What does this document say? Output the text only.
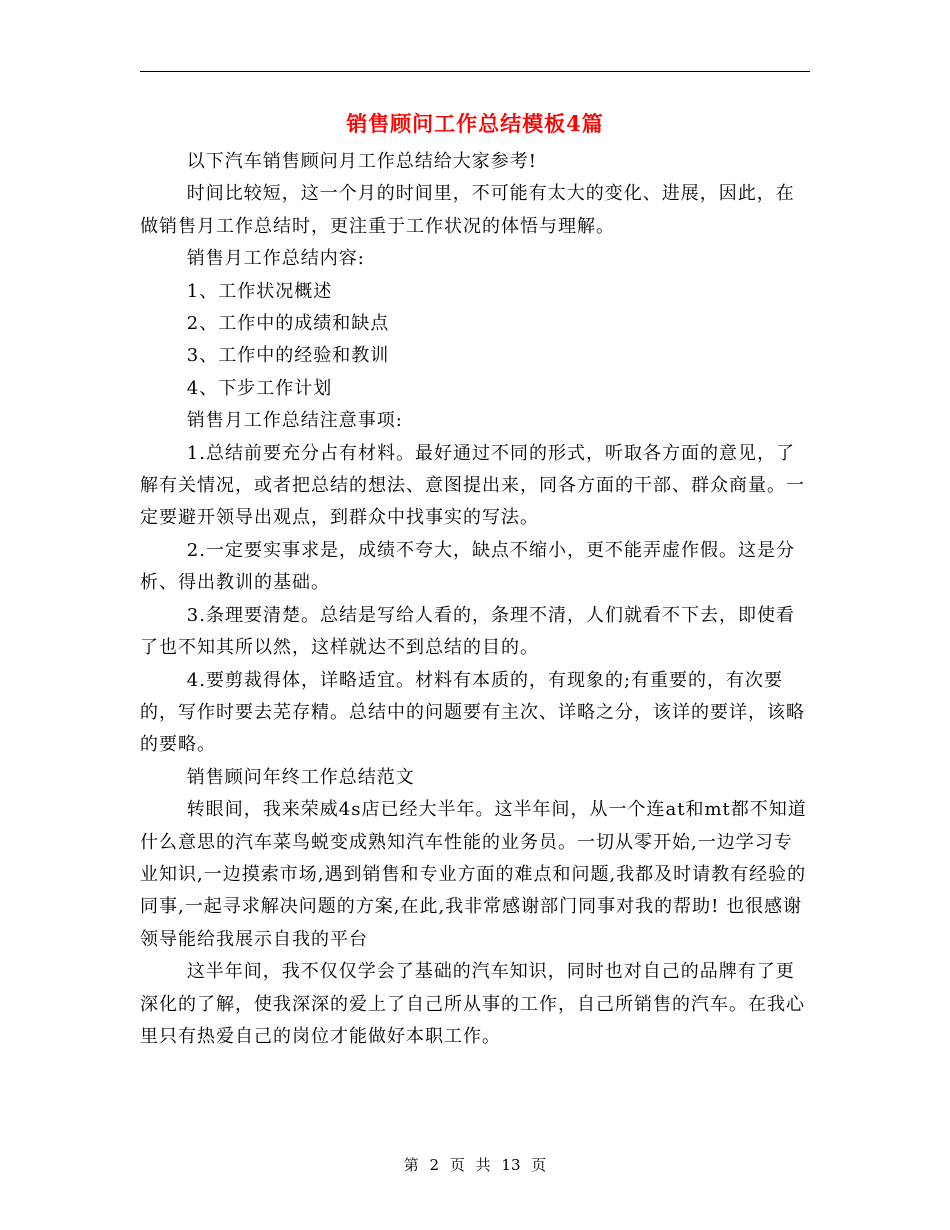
销售顾问工作总结模板4篇

以下汽车销售顾问月工作总结给大家参考!

时间比较短，这一个月的时间里，不可能有太大的变化、进展，因此，在做销售月工作总结时，更注重于工作状况的体悟与理解。

销售月工作总结内容:

1、工作状况概述

2、工作中的成绩和缺点

3、工作中的经验和教训

4、下步工作计划

销售月工作总结注意事项:

1.总结前要充分占有材料。最好通过不同的形式，听取各方面的意见，了解有关情况，或者把总结的想法、意图提出来，同各方面的干部、群众商量。一定要避开领导出观点，到群众中找事实的写法。

2.一定要实事求是，成绩不夸大，缺点不缩小，更不能弄虚作假。这是分析、得出教训的基础。

3.条理要清楚。总结是写给人看的，条理不清，人们就看不下去，即使看了也不知其所以然，这样就达不到总结的目的。

4.要剪裁得体，详略适宜。材料有本质的，有现象的;有重要的，有次要的，写作时要去芜存精。总结中的问题要有主次、详略之分，该详的要详，该略的要略。

销售顾问年终工作总结范文

转眼间，我来荣威4s店已经大半年。这半年间，从一个连at和mt都不知道什么意思的汽车菜鸟蜕变成熟知汽车性能的业务员。一切从零开始,一边学习专业知识,一边摸索市场,遇到销售和专业方面的难点和问题,我都及时请教有经验的同事,一起寻求解决问题的方案,在此,我非常感谢部门同事对我的帮助! 也很感谢领导能给我展示自我的平台

这半年间，我不仅仅学会了基础的汽车知识，同时也对自己的品牌有了更深化的了解，使我深深的爱上了自己所从事的工作，自己所销售的汽车。在我心里只有热爱自己的岗位才能做好本职工作。

第 2 页 共 13 页
